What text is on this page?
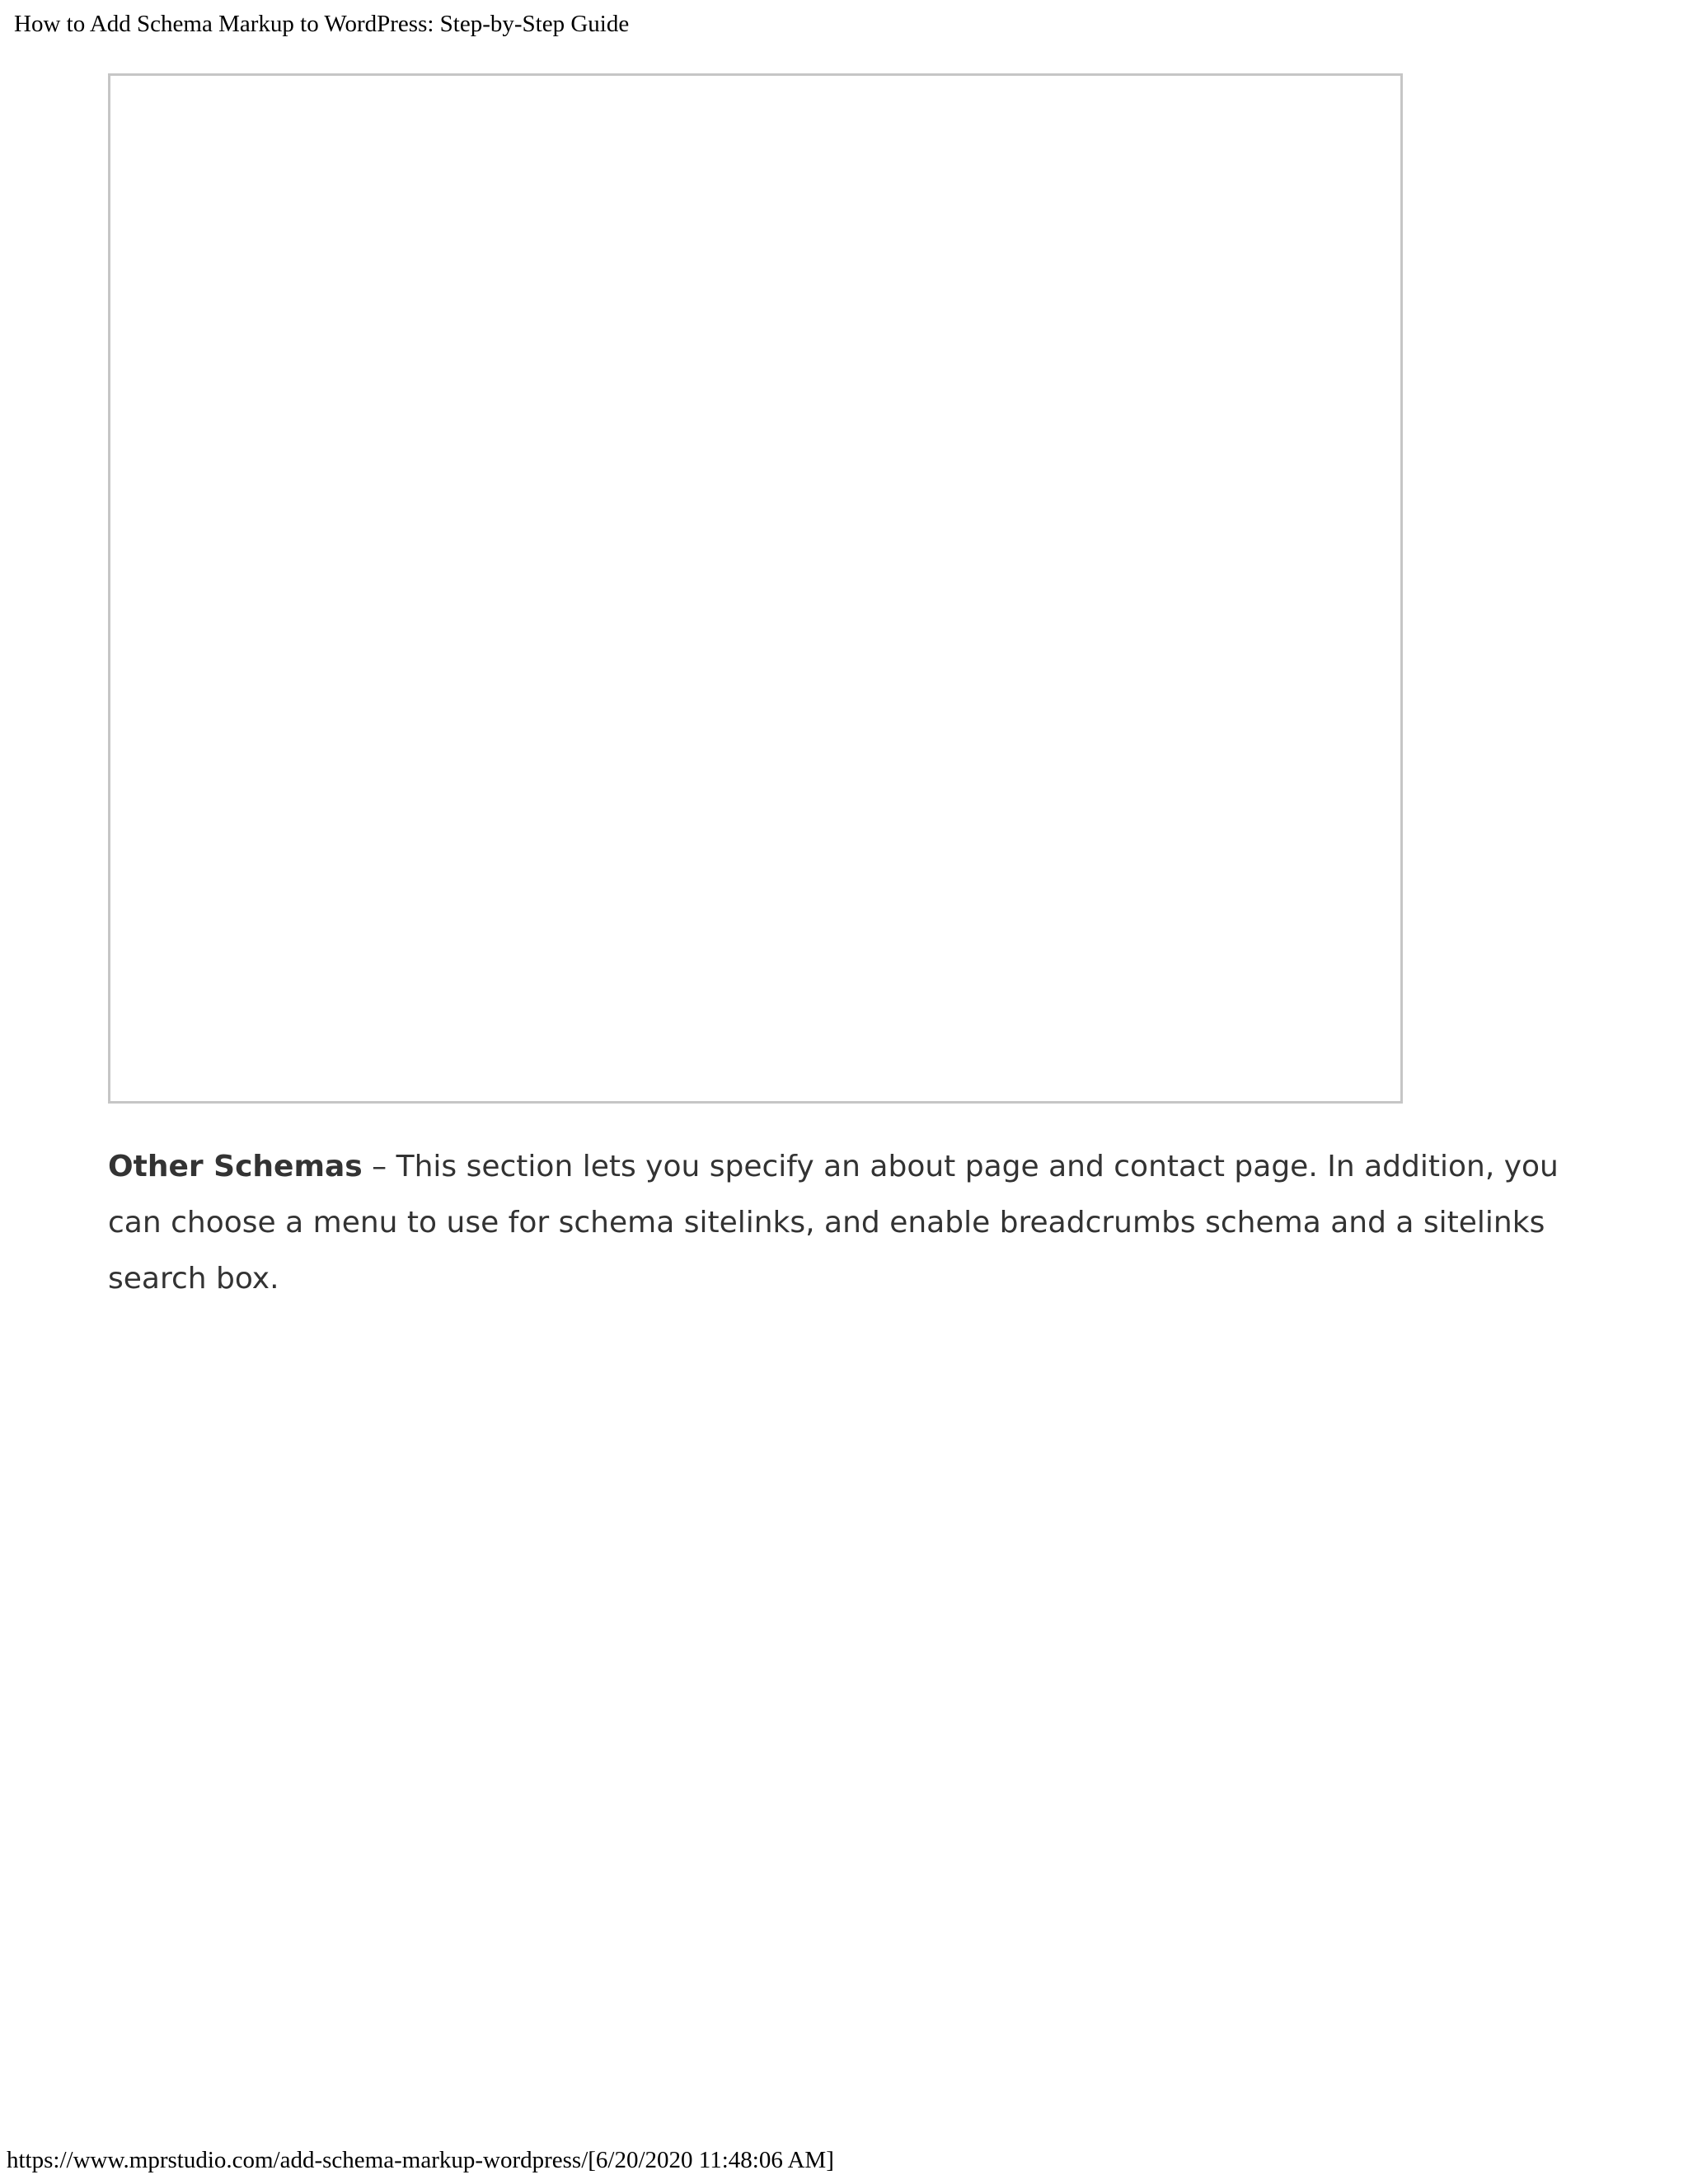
How to Add Schema Markup to WordPress: Step-by-Step Guide

Other Schemas – This section lets you specify an about page and contact page. In addition, you can choose a menu to use for schema sitelinks, and enable breadcrumbs schema and a sitelinks search box.

https://www.mprstudio.com/add-schema-markup-wordpress/[6/20/2020 11:48:06 AM]
